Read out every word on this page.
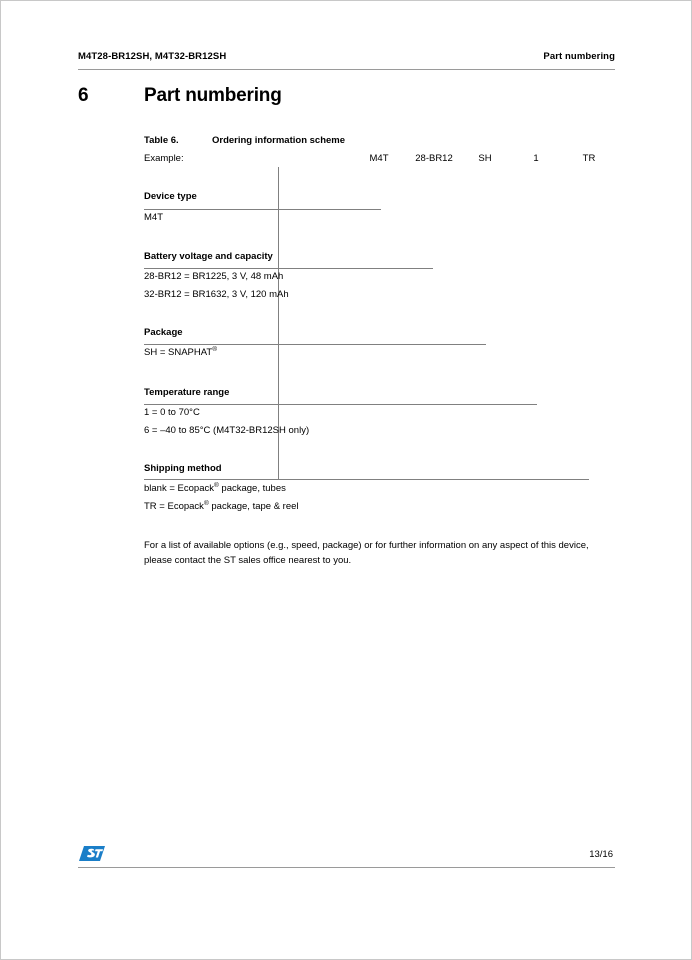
M4T28-BR12SH, M4T32-BR12SH	Part numbering
6	Part numbering
Table 6.	Ordering information scheme
Example:	M4T	28-BR12	SH	1	TR
Device type
M4T
Battery voltage and capacity
28-BR12 = BR1225, 3 V, 48 mAh
32-BR12 = BR1632, 3 V, 120 mAh
Package
SH = SNAPHAT®
Temperature range
1 = 0 to 70°C
6 = –40 to 85°C (M4T32-BR12SH only)
Shipping method
blank = Ecopack® package, tubes
TR = Ecopack® package, tape & reel
For a list of available options (e.g., speed, package) or for further information on any aspect of this device, please contact the ST sales office nearest to you.
13/16
